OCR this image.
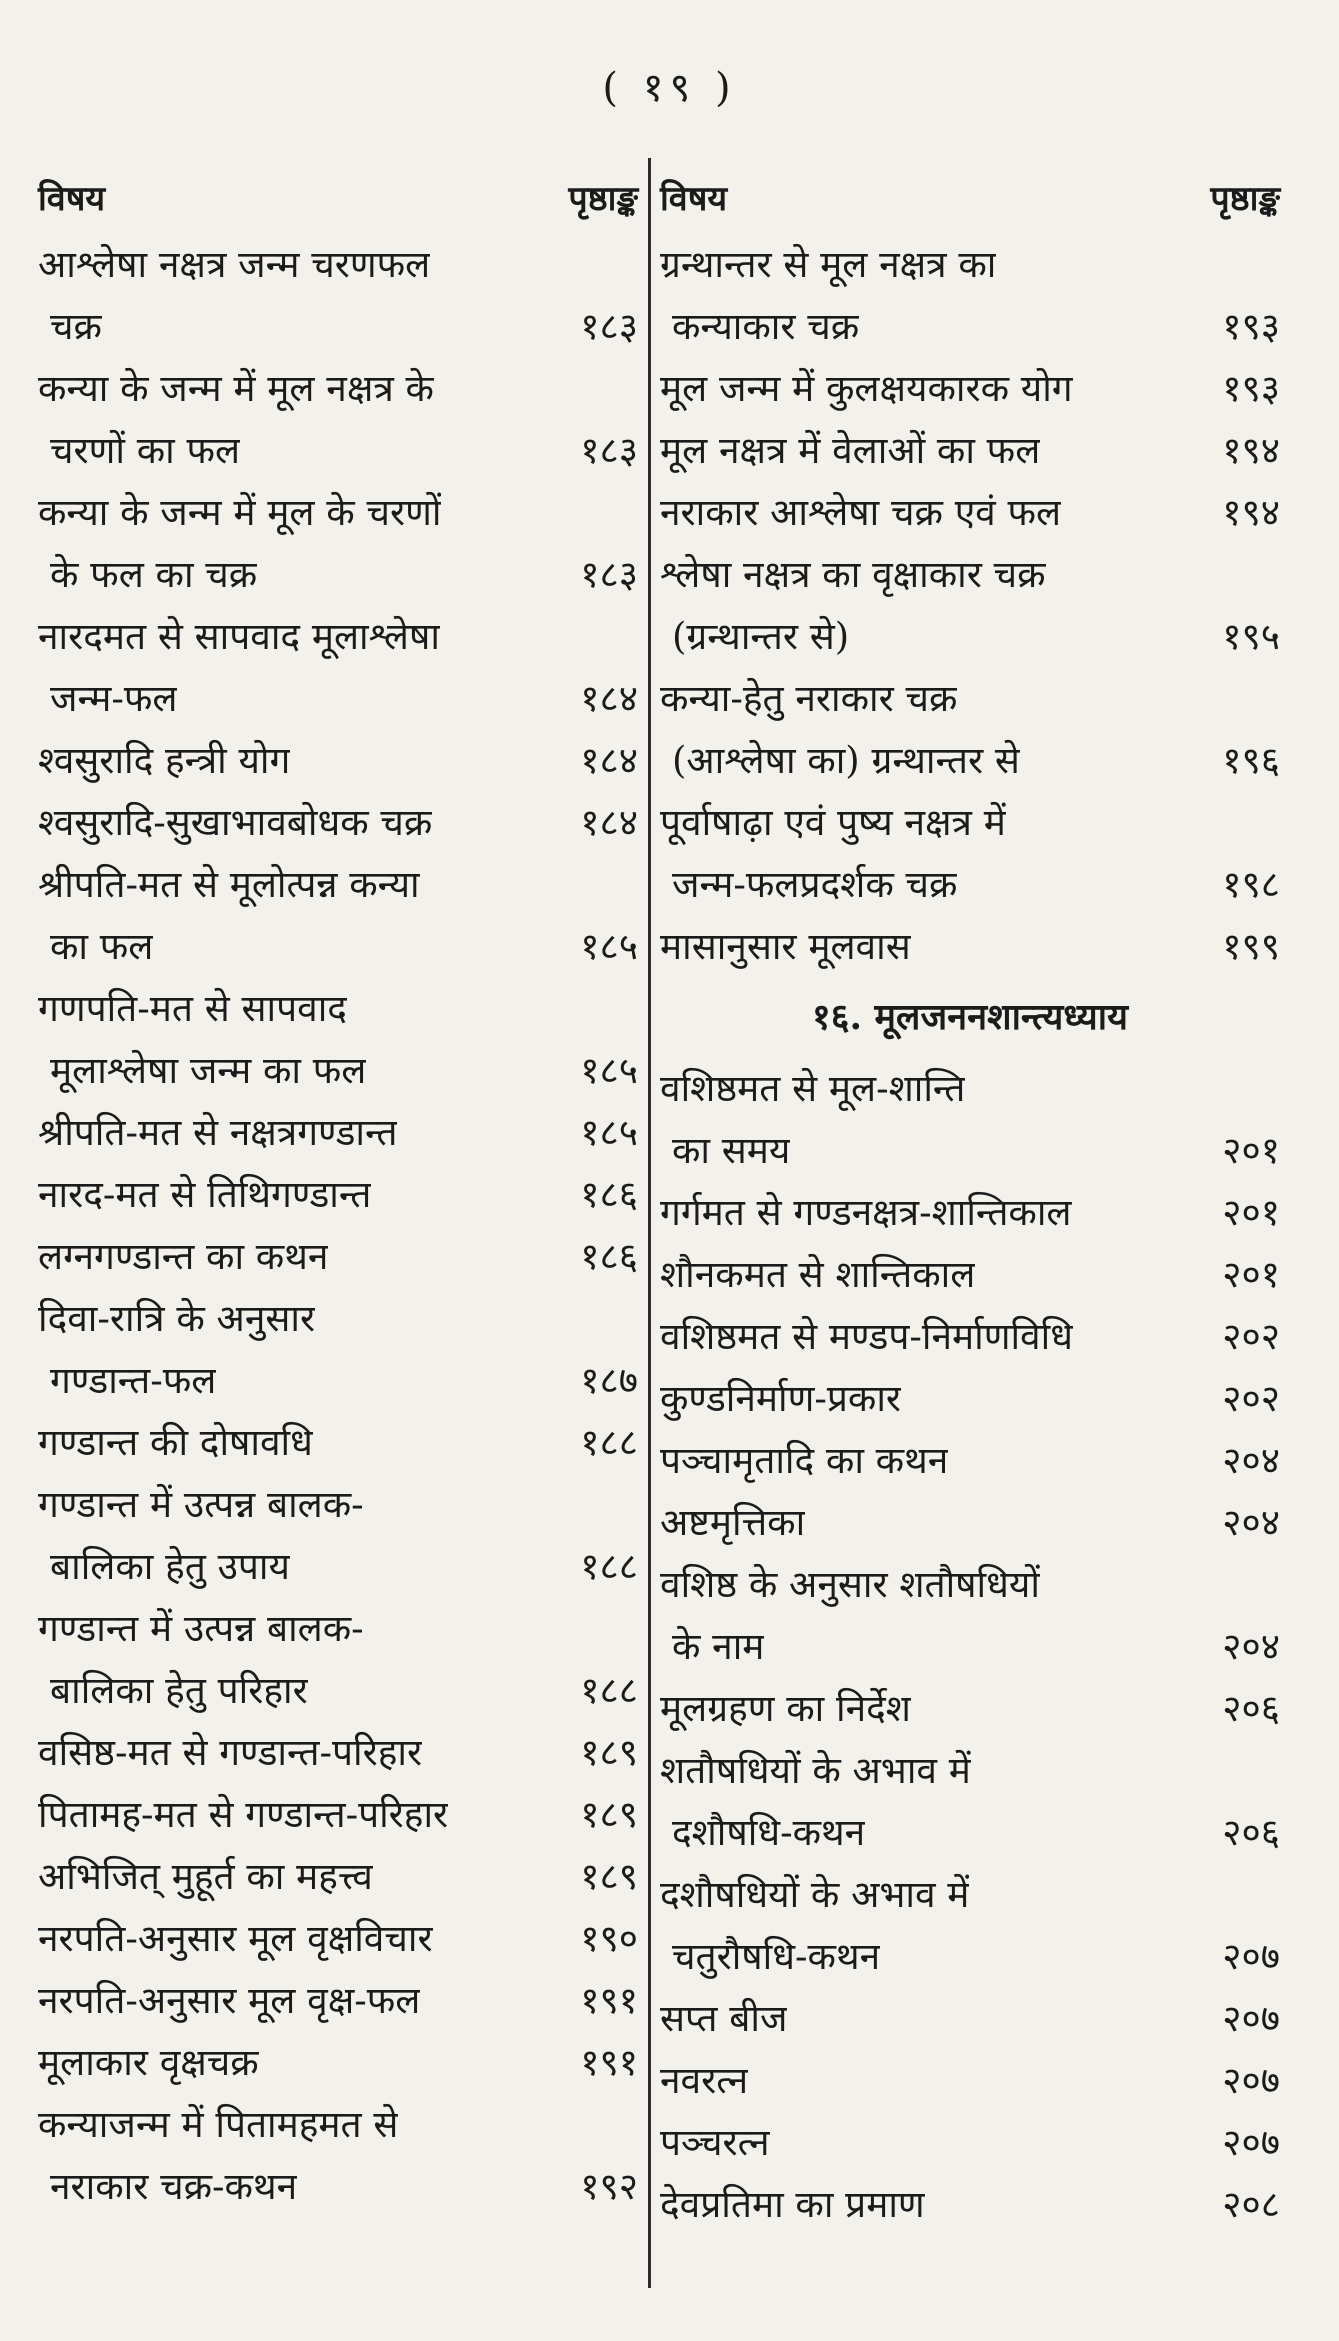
( १९ )
विषय	पृष्ठाङ्क
आश्लेषा नक्षत्र जन्म चरणफल
चक्र	१८३
कन्या के जन्म में मूल नक्षत्र के
चरणों का फल	१८३
कन्या के जन्म में मूल के चरणों
के फल का चक्र	१८३
नारदमत से सापवाद मूलाश्लेषा
जन्म-फल	१८४
श्वसुरादि हन्त्री योग	१८४
श्वसुरादि-सुखाभावबोधक चक्र	१८४
श्रीपति-मत से मूलोत्पन्न कन्या
का फल	१८५
गणपति-मत से सापवाद
मूलाश्लेषा जन्म का फल	१८५
श्रीपति-मत से नक्षत्रगण्डान्त	१८५
नारद-मत से तिथिगण्डान्त	१८६
लग्नगण्डान्त का कथन	१८६
दिवा-रात्रि के अनुसार
गण्डान्त-फल	१८७
गण्डान्त की दोषावधि	१८८
गण्डान्त में उत्पन्न बालक-
बालिका हेतु उपाय	१८८
गण्डान्त में उत्पन्न बालक-
बालिका हेतु परिहार	१८८
वसिष्ठ-मत से गण्डान्त-परिहार	१८९
पितामह-मत से गण्डान्त-परिहार	१८९
अभिजित् मुहूर्त का महत्त्व	१८९
नरपति-अनुसार मूल वृक्षविचार	१९०
नरपति-अनुसार मूल वृक्ष-फल	१९१
मूलाकार वृक्षचक्र	१९१
कन्याजन्म में पितामहमत से
नराकार चक्र-कथन	१९२
विषय	पृष्ठाङ्क
ग्रन्थान्तर से मूल नक्षत्र का
कन्याकार चक्र	१९३
मूल जन्म में कुलक्षयकारक योग	१९३
मूल नक्षत्र में वेलाओं का फल	१९४
नराकार आश्लेषा चक्र एवं फल	१९४
श्लेषा नक्षत्र का वृक्षाकार चक्र
(ग्रन्थान्तर से)	१९५
कन्या-हेतु नराकार चक्र
(आश्लेषा का) ग्रन्थान्तर से	१९६
पूर्वाषाढ़ा एवं पुष्य नक्षत्र में
जन्म-फलप्रदर्शक चक्र	१९८
मासानुसार मूलवास	१९९
१६. मूलजननशान्त्यध्याय
वशिष्ठमत से मूल-शान्ति
का समय	२०१
गर्गमत से गण्डनक्षत्र-शान्तिकाल	२०१
शौनकमत से शान्तिकाल	२०१
वशिष्ठमत से मण्डप-निर्माणविधि	२०२
कुण्डनिर्माण-प्रकार	२०२
पञ्चामृतादि का कथन	२०४
अष्टमृत्तिका	२०४
वशिष्ठ के अनुसार शतौषधियों
के नाम	२०४
मूलग्रहण का निर्देश	२०६
शतौषधियों के अभाव में
दशौषधि-कथन	२०६
दशौषधियों के अभाव में
चतुरौषधि-कथन	२०७
सप्त बीज	२०७
नवरत्न	२०७
पञ्चरत्न	२०७
देवप्रतिमा का प्रमाण	२०८
